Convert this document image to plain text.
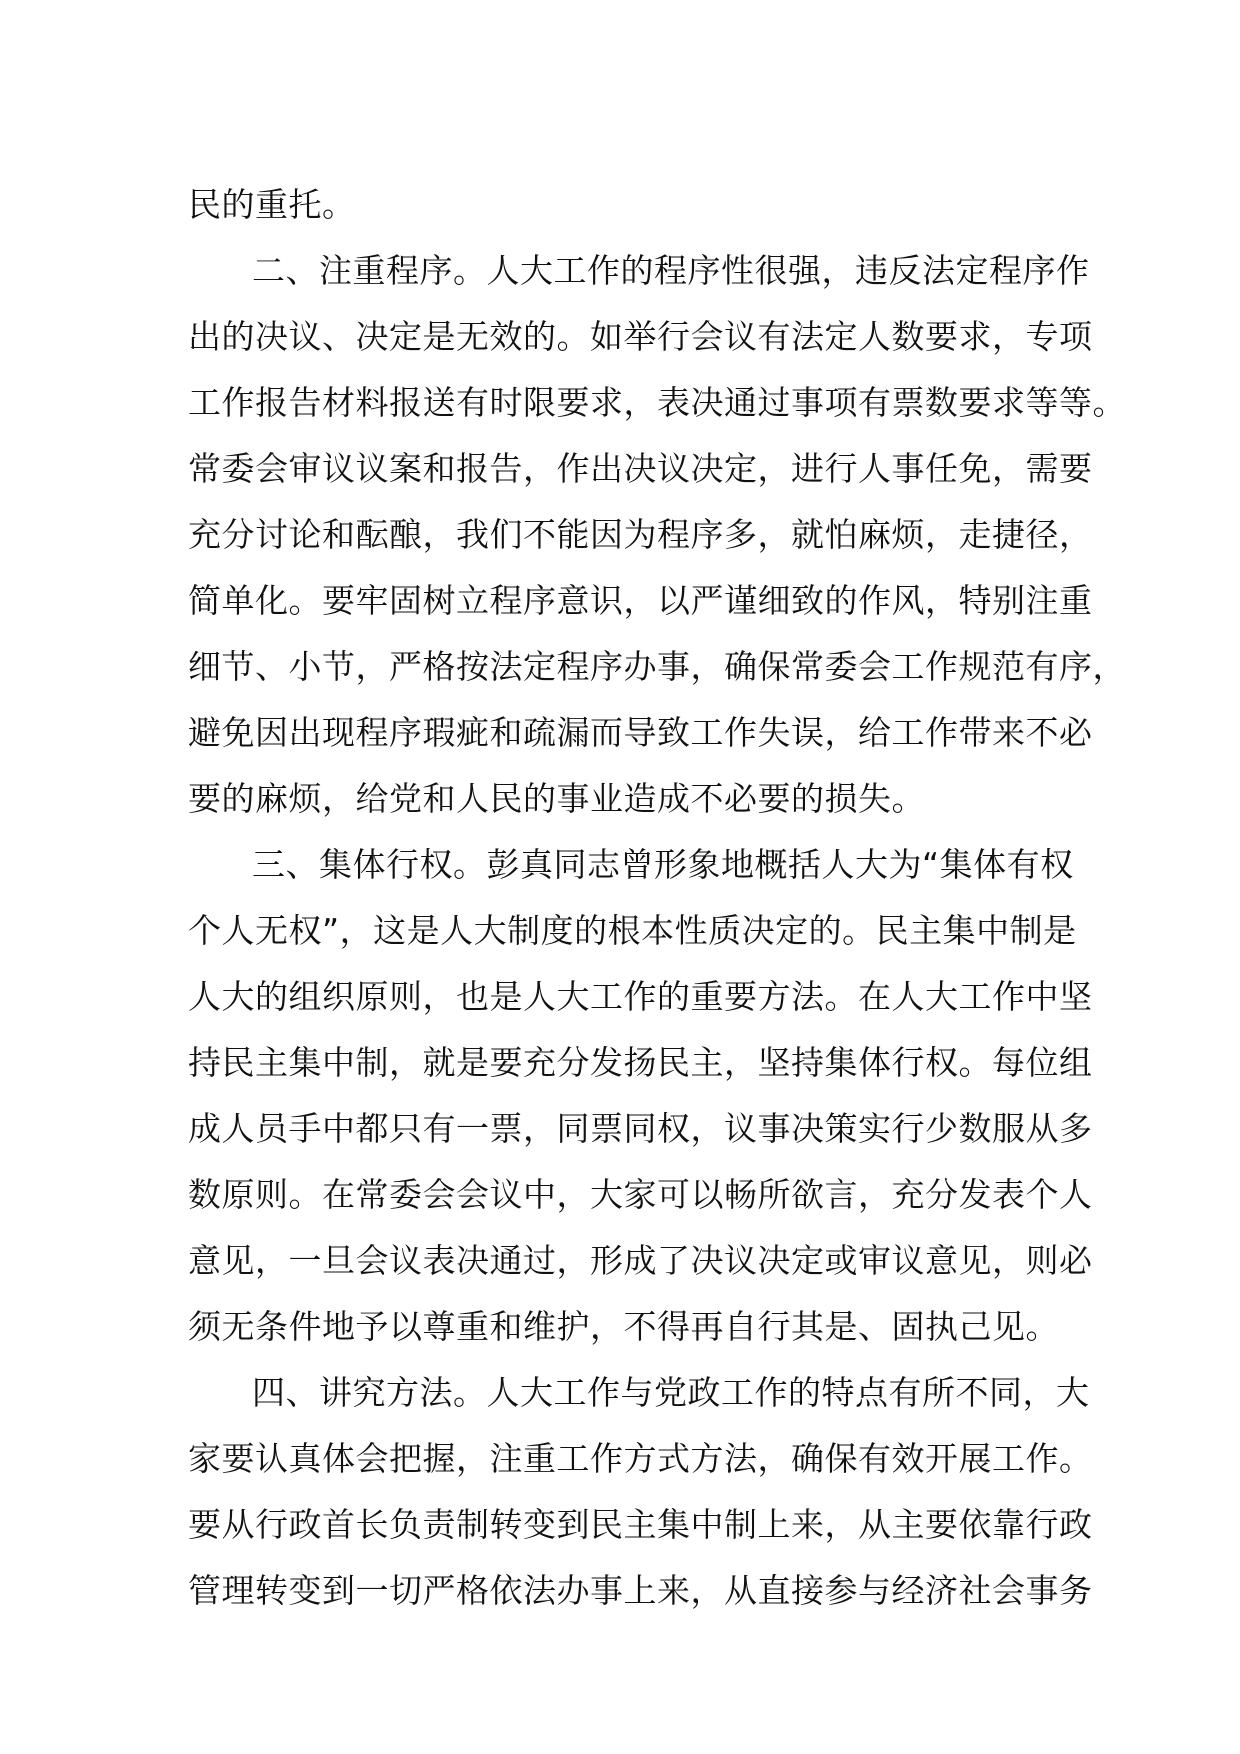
民的重托。
二、注重程序。人大工作的程序性很强，违反法定程序作
出的决议、决定是无效的。如举行会议有法定人数要求，专项
工作报告材料报送有时限要求，表决通过事项有票数要求等等。
常委会审议议案和报告，作出决议决定，进行人事任免，需要
充分讨论和酝酿，我们不能因为程序多，就怕麻烦，走捷径，
简单化。要牢固树立程序意识，以严谨细致的作风，特别注重
细节、小节，严格按法定程序办事，确保常委会工作规范有序，
避免因出现程序瑕疵和疏漏而导致工作失误，给工作带来不必
要的麻烦，给党和人民的事业造成不必要的损失。
三、集体行权。彭真同志曾形象地概括人大为“集体有权
个人无权”，这是人大制度的根本性质决定的。民主集中制是
人大的组织原则，也是人大工作的重要方法。在人大工作中坚
持民主集中制，就是要充分发扬民主，坚持集体行权。每位组
成人员手中都只有一票，同票同权，议事决策实行少数服从多
数原则。在常委会会议中，大家可以畅所欲言，充分发表个人
意见，一旦会议表决通过，形成了决议决定或审议意见，则必
须无条件地予以尊重和维护，不得再自行其是、固执己见。
四、讲究方法。人大工作与党政工作的特点有所不同，大
家要认真体会把握，注重工作方式方法，确保有效开展工作。
要从行政首长负责制转变到民主集中制上来，从主要依靠行政
管理转变到一切严格依法办事上来，从直接参与经济社会事务
